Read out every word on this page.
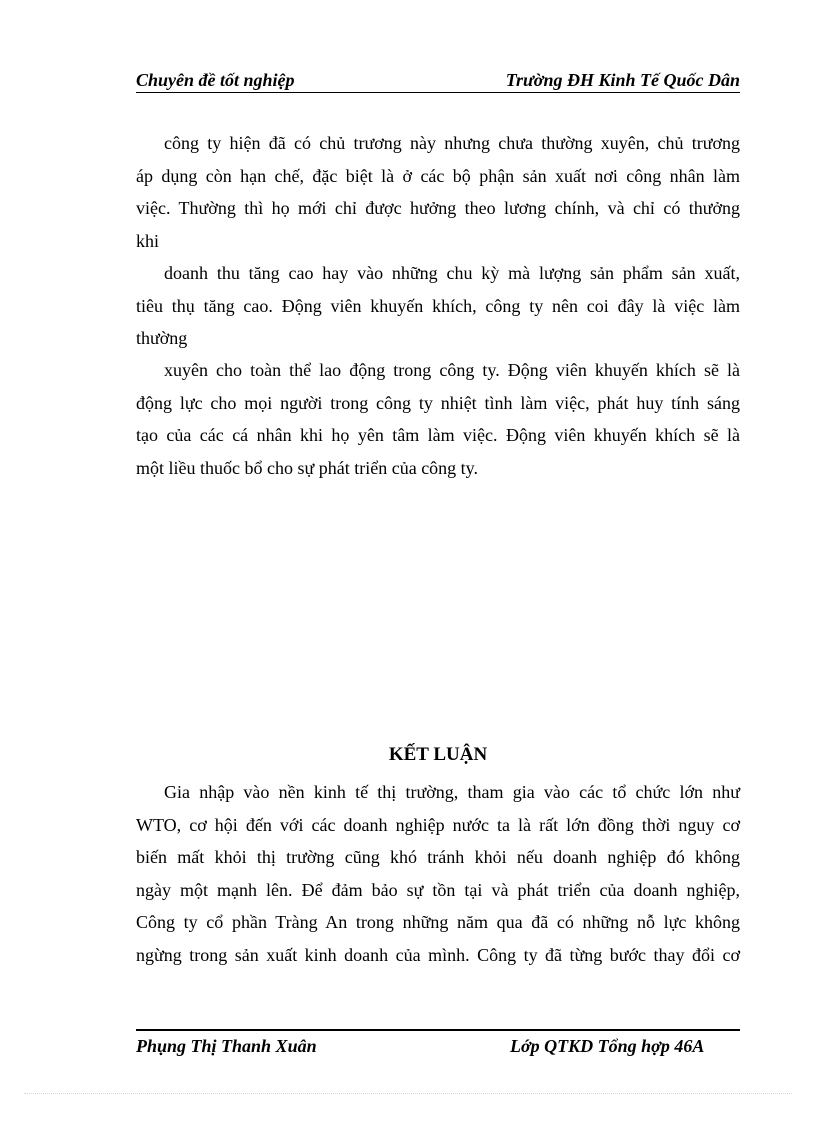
Chuyên đề tốt nghiệp	Trường ĐH Kinh Tế Quốc Dân
công ty hiện đã có chủ trương này nhưng chưa thường xuyên, chủ trương
áp dụng còn hạn chế, đặc biệt là ở các bộ phận sản xuất nơi công nhân làm
việc. Thường thì họ mới chỉ được hưởng theo lương chính, và chỉ có thưởng
khi
doanh thu tăng cao hay vào những chu kỳ mà lượng sản phẩm sản xuất,
tiêu thụ tăng cao. Động viên khuyến khích, công ty nên coi đây là việc làm
thường
xuyên cho toàn thể lao động trong công ty. Động viên khuyến khích sẽ là
động lực cho mọi người trong công ty nhiệt tình làm việc, phát huy tính sáng
tạo của các cá nhân khi họ yên tâm làm việc. Động viên khuyến khích sẽ là
một liều thuốc bổ cho sự phát triển của công ty.
KẾT LUẬN
Gia nhập vào nền kinh tế thị trường, tham gia vào các tổ chức lớn như
WTO, cơ hội đến với các doanh nghiệp nước ta là rất lớn đồng thời nguy cơ
biến mất khỏi thị trường cũng khó tránh khỏi nếu doanh nghiệp đó không
ngày một mạnh lên. Để đảm bảo sự tồn tại và phát triển của doanh nghiệp,
Công ty cổ phần Tràng An trong những năm qua đã có những nỗ lực không
ngừng trong sản xuất kinh doanh của mình. Công ty đã từng bước thay đổi cơ
Phụng Thị Thanh Xuân	Lớp QTKD Tổng hợp 46A
